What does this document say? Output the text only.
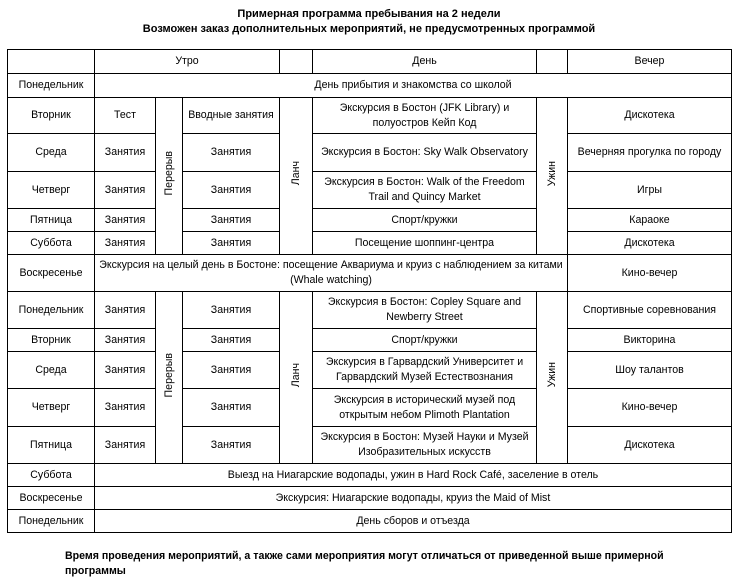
Примерная программа пребывания на 2 недели
Возможен заказ дополнительных мероприятий, не предусмотренных программой
	Утро				День		Вечер
Понедельник	День прибытия и знакомства со школой						
Вторник	Тест	Перерыв	Вводные занятия	Ланч	Экскурсия в Бостон (JFK Library) и полуостров Кейп Код	Ужин	Дискотека
Среда	Занятия		Занятия		Экскурсия в Бостон: Sky Walk Observatory		Вечерняя прогулка по городу
Четверг	Занятия		Занятия		Экскурсия в Бостон: Walk of the Freedom Trail and Quincy Market		Игры
Пятница	Занятия		Занятия		Спорт/кружки		Караоке
Суббота	Занятия		Занятия		Посещение шоппинг-центра		Дискотека
Воскресенье	Экскурсия на целый день в Бостоне: посещение Аквариума и круиз с наблюдением за китами (Whale watching)						Кино-вечер
Понедельник	Занятия	Перерыв	Занятия	Ланч	Экскурсия в Бостон: Copley Square and Newberry Street	Ужин	Спортивные соревнования
Вторник	Занятия		Занятия		Спорт/кружки		Викторина
Среда	Занятия		Занятия		Экскурсия в Гарвардский Университет и Гарвардский Музей Естествознания		Шоу талантов
Четверг	Занятия		Занятия		Экскурсия в исторический музей под открытым небом Plimoth Plantation		Кино-вечер
Пятница	Занятия		Занятия		Экскурсия в Бостон: Музей Науки и Музей Изобразительных искусств		Дискотека
Суббота	Выезд на Ниагарские водопады, ужин в Hard Rock Café, заселение в отель						
Воскресенье	Экскурсия: Ниагарские водопады, круиз the Maid of Mist						
Понедельник	День сборов и отъезда						
Время проведения мероприятий, а также сами мероприятия могут отличаться от приведенной выше примерной программы
